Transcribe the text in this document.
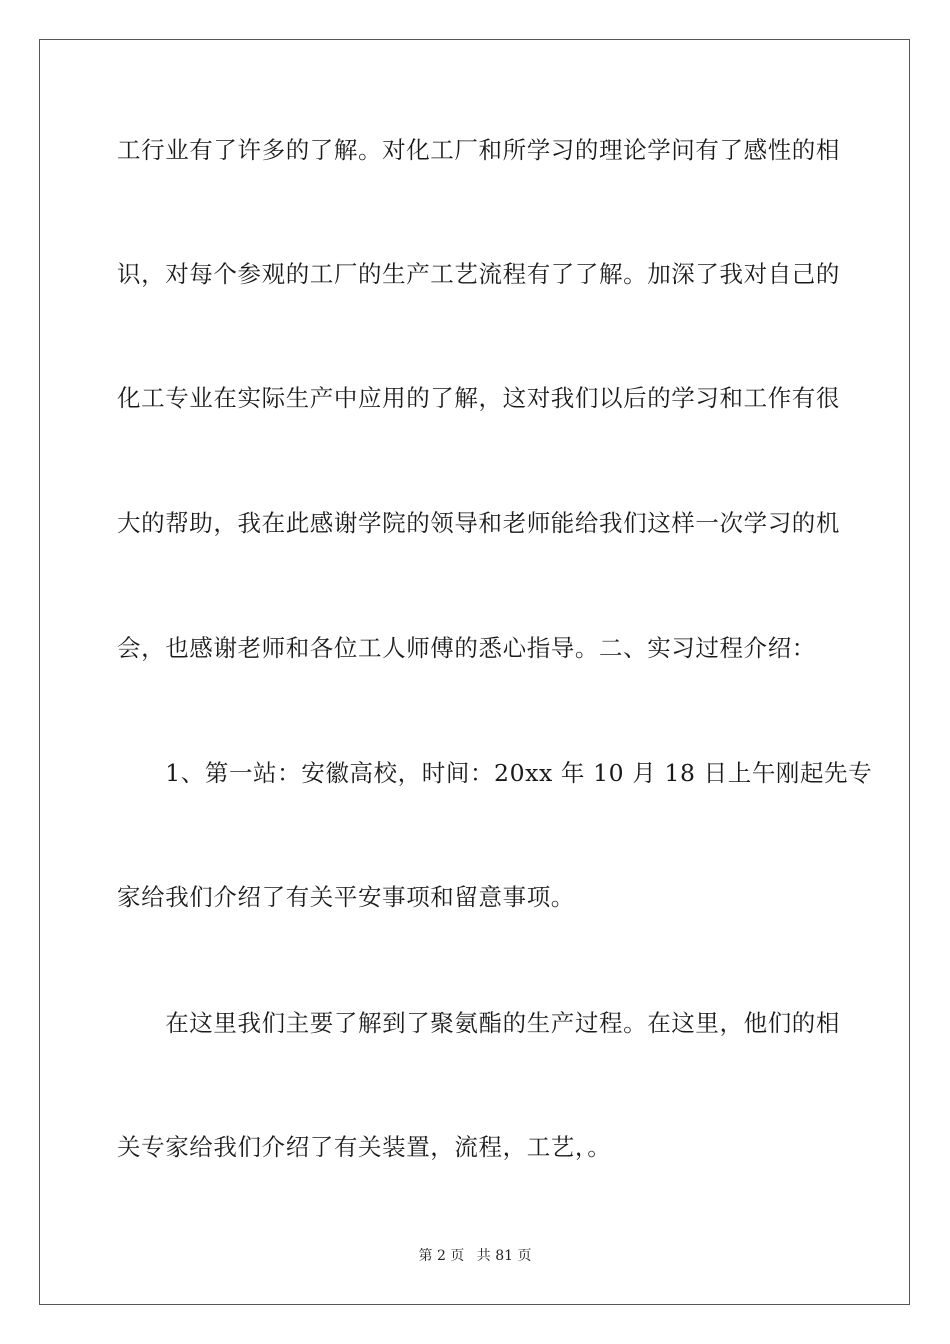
工行业有了许多的了解。对化工厂和所学习的理论学问有了感性的相
识，对每个参观的工厂的生产工艺流程有了了解。加深了我对自己的
化工专业在实际生产中应用的了解，这对我们以后的学习和工作有很
大的帮助，我在此感谢学院的领导和老师能给我们这样一次学习的机
会，也感谢老师和各位工人师傅的悉心指导。二、实习过程介绍：
　　1、第一站：安徽高校，时间：20xx 年 10 月 18 日上午刚起先专
家给我们介绍了有关平安事项和留意事项。
　　在这里我们主要了解到了聚氨酯的生产过程。在这里，他们的相
关专家给我们介绍了有关装置，流程，工艺，。
第 2 页 共 81 页
